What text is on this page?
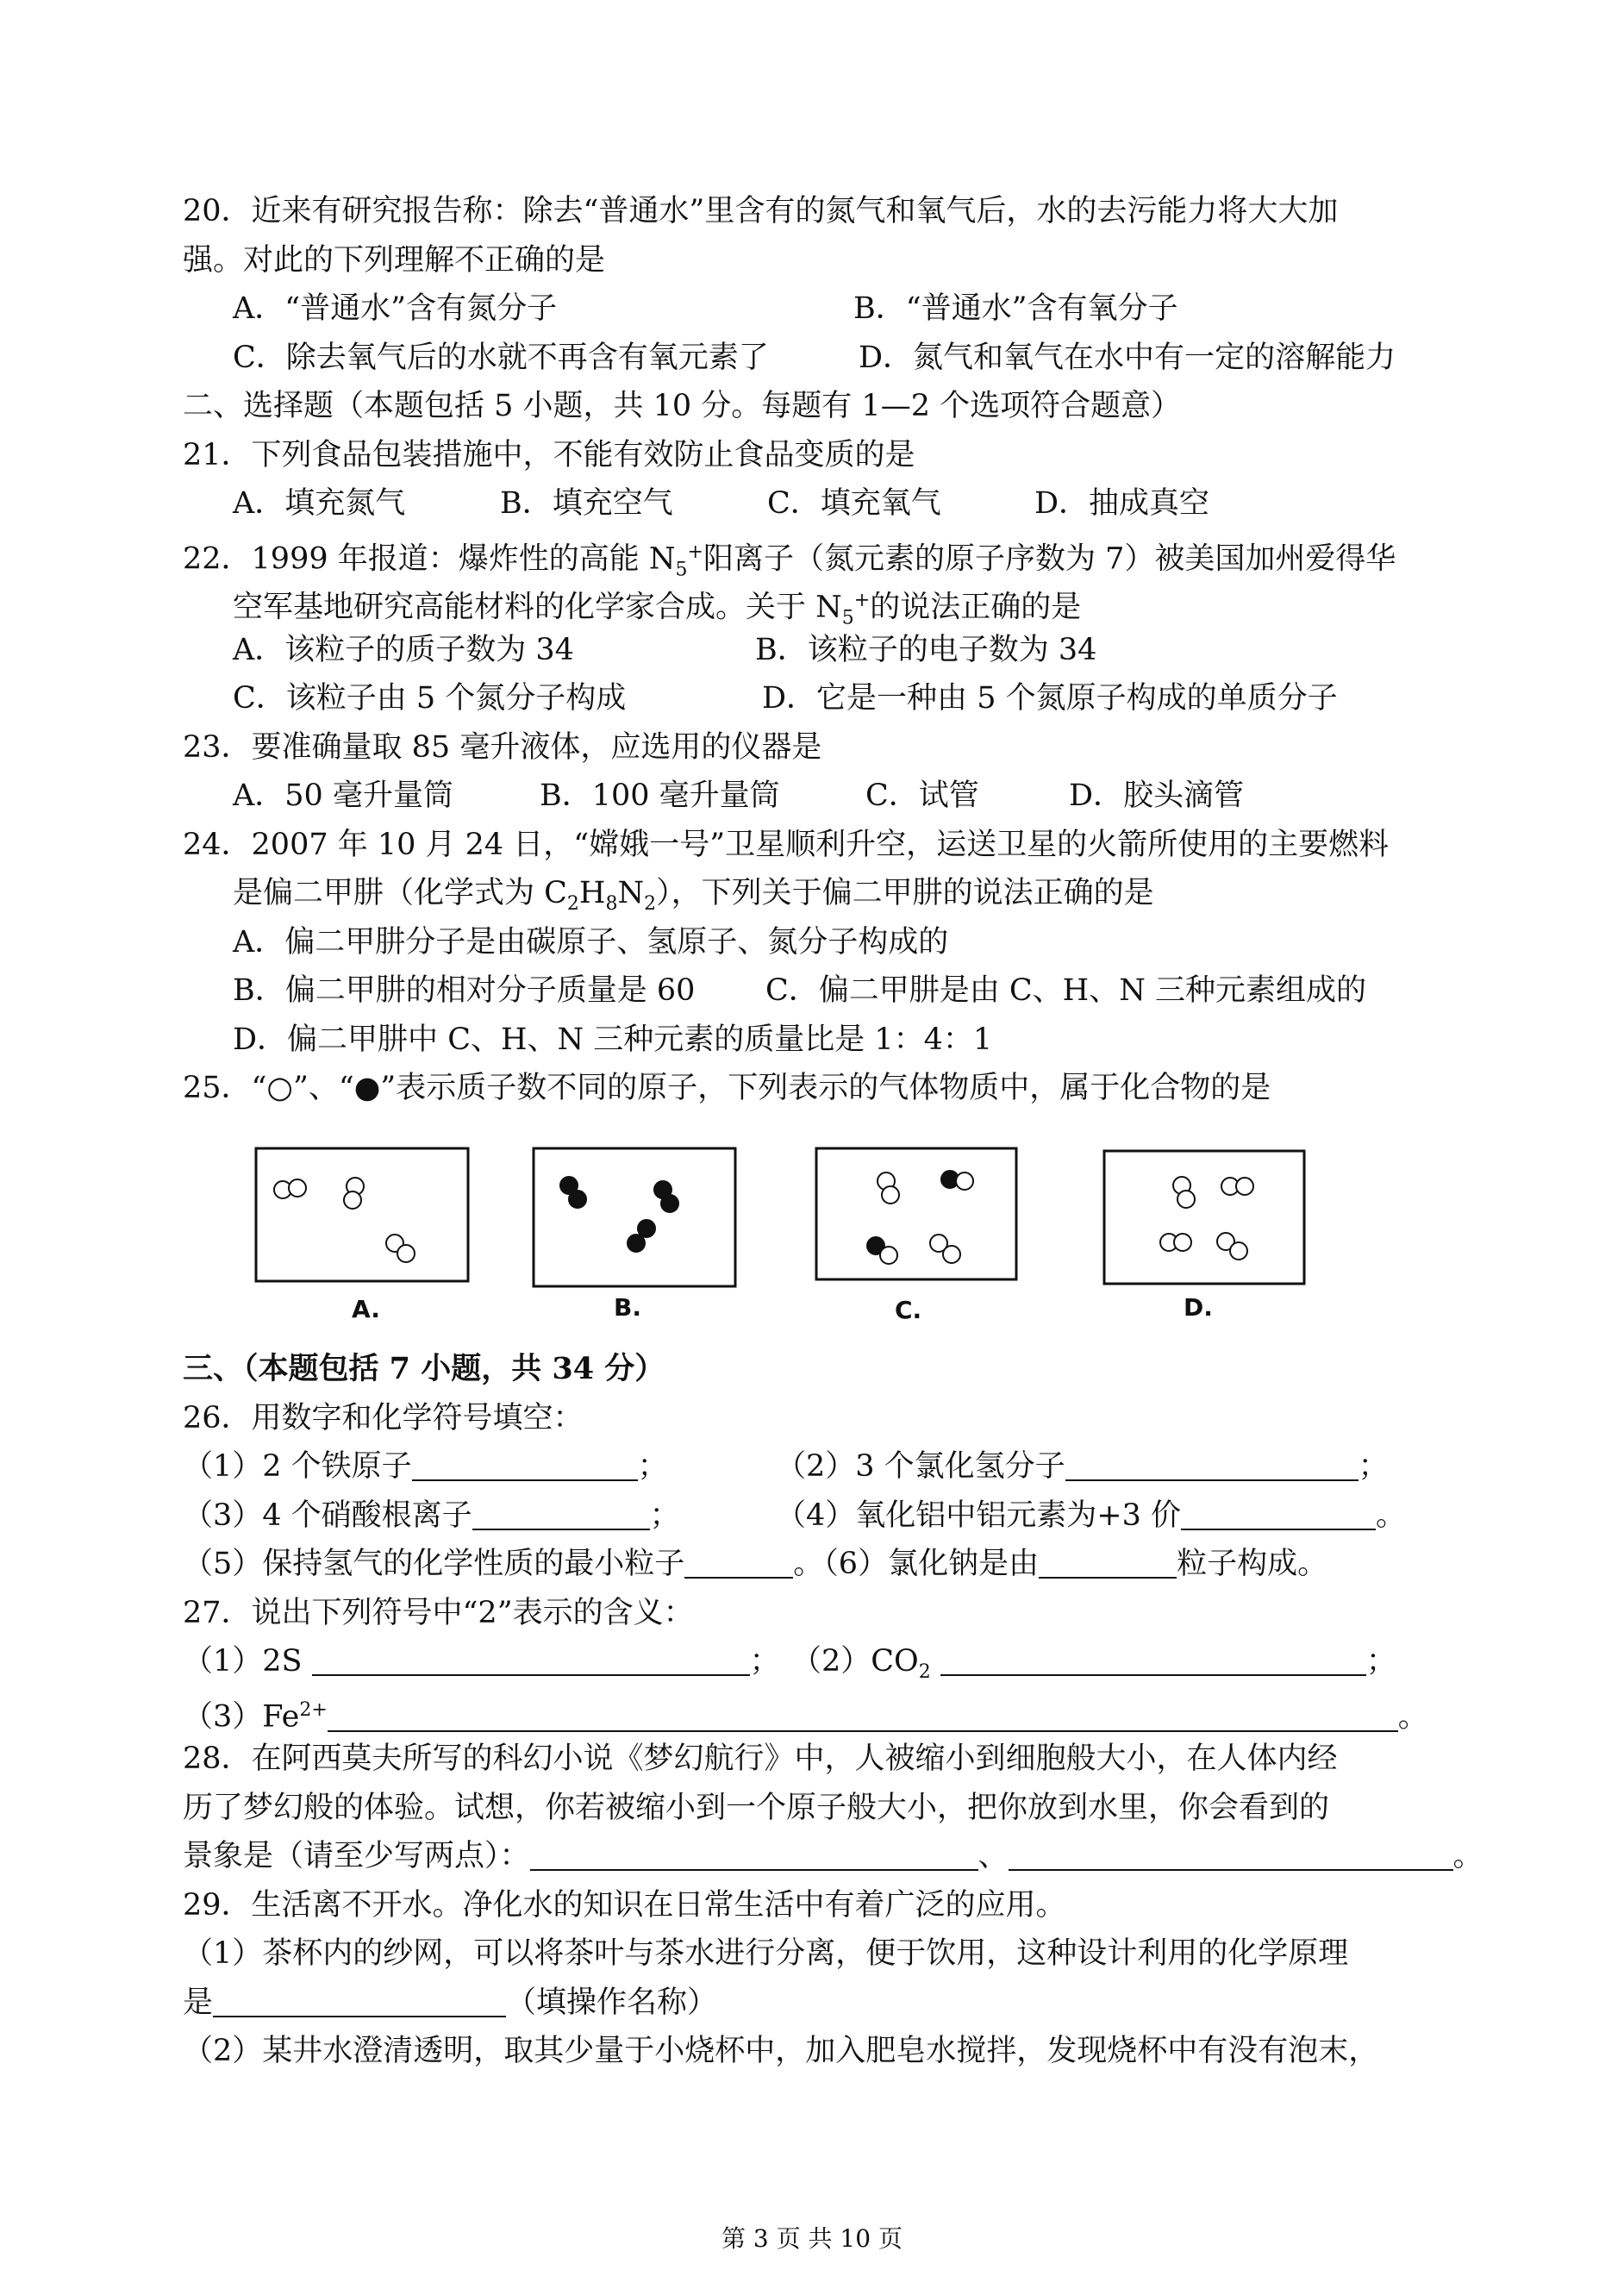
20．近来有研究报告称：除去“普通水”里含有的氮气和氧气后，水的去污能力将大大加
强。对此的下列理解不正确的是
A．“普通水”含有氮分子	B．“普通水”含有氧分子
C．除去氧气后的水就不再含有氧元素了	D．氮气和氧气在水中有一定的溶解能力
二、选择题（本题包括 5 小题，共 10 分。每题有 1—2 个选项符合题意）
21．下列食品包装措施中，不能有效防止食品变质的是
A．填充氮气	B．填充空气	C．填充氧气	D．抽成真空
22．1999 年报道：爆炸性的高能 $N_5^+$阳离子（氮元素的原子序数为 7）被美国加州爱得华
空军基地研究高能材料的化学家合成。关于 $N_5^+$的说法正确的是
A．该粒子的质子数为 34	B．该粒子的电子数为 34
C．该粒子由 5 个氮分子构成	D．它是一种由 5 个氮原子构成的单质分子
23．要准确量取 85 毫升液体，应选用的仪器是
A．50 毫升量筒	B．100 毫升量筒	C．试管	D．胶头滴管
24．2007 年 10 月 24 日，“嫦娥一号”卫星顺利升空，运送卫星的火箭所使用的主要燃料
是偏二甲肼（化学式为 $C_2H_8N_2$），下列关于偏二甲肼的说法正确的是
A．偏二甲肼分子是由碳原子、氢原子、氮分子构成的
B．偏二甲肼的相对分子质量是 60 C．偏二甲肼是由 C、H、N 三种元素组成的
D．偏二甲肼中 C、H、N 三种元素的质量比是 1：4：1
25．“○”、“●”表示质子数不同的原子，下列表示的气体物质中，属于化合物的是
A.	B.	C.	D.
三、（本题包括 7 小题，共 34 分）
26．用数字和化学符号填空：
（1）2 个铁原子	；	（2）3 个氯化氢分子	；
（3）4 个硝酸根离子	；	（4）氧化铝中铝元素为+3 价	。
（5）保持氢气的化学性质的最小粒子	。（6）氯化钠是由	粒子构成。
27．说出下列符号中“2”表示的含义：
（1）2S	； $(2)CO_2$	；
$(3)Fe^{2+}$	。
28．在阿西莫夫所写的科幻小说《梦幻航行》中，人被缩小到细胞般大小，在人体内经
历了梦幻般的体验。试想，你若被缩小到一个原子般大小，把你放到水里，你会看到的
景象是（请至少写两点）：	、	。
29．生活离不开水。净化水的知识在日常生活中有着广泛的应用。
（1）茶杯内的纱网，可以将茶叶与茶水进行分离，便于饮用，这种设计利用的化学原理
是	（填操作名称）
（2）某井水澄清透明，取其少量于小烧杯中，加入肥皂水搅拌，发现烧杯中有没有泡末，
第 3 页 共 10 页
